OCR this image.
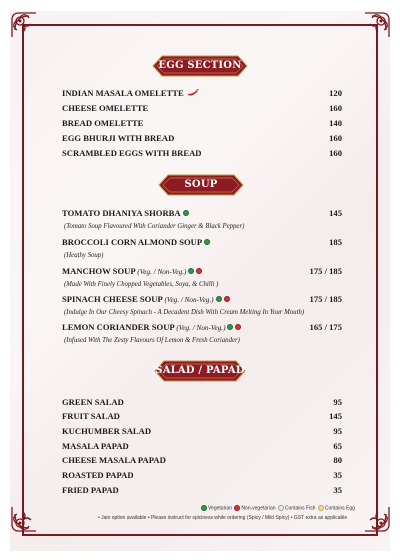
EGG SECTION
INDIAN MASALA OMELETTE	120
CHEESE OMELETTE	160
BREAD OMELETTE	140
EGG BHURJI WITH BREAD	160
SCRAMBLED EGGS WITH BREAD	160
SOUP
TOMATO DHANIYA SHORBA	145
(Tomato Soup Flavoured With Coriander Ginger & Black Pepper)
BROCCOLI CORN ALMOND SOUP	185
(Heathy Soup)
MANCHOW SOUP (Veg. / Non-Veg.)	175 / 185
(Made With Finely Chopped Vegetables, Soya, & Chilli )
SPINACH CHEESE SOUP (Veg. / Non-Veg.)	175 / 185
(Indulge In Our Cheesy Spinach - A Decadent Dish With Cream Melting In Your Mouth)
LEMON CORIANDER SOUP (Veg. / Non-Veg.)	165 / 175
(Infused With The Zesty Flavours Of Lemon & Fresh Coriander)
SALAD / PAPAD
GREEN SALAD	95
FRUIT SALAD	145
KUCHUMBER SALAD	95
MASALA PAPAD	65
CHEESE MASALA PAPAD	80
ROASTED PAPAD	35
FRIED PAPAD	35
Vegetarian Non-vegetarian Contains Fish Contains Egg
• Jain option available • Please instruct for spiciness while ordering (Spicy / Mild Spicy) • GST extra as applicable
